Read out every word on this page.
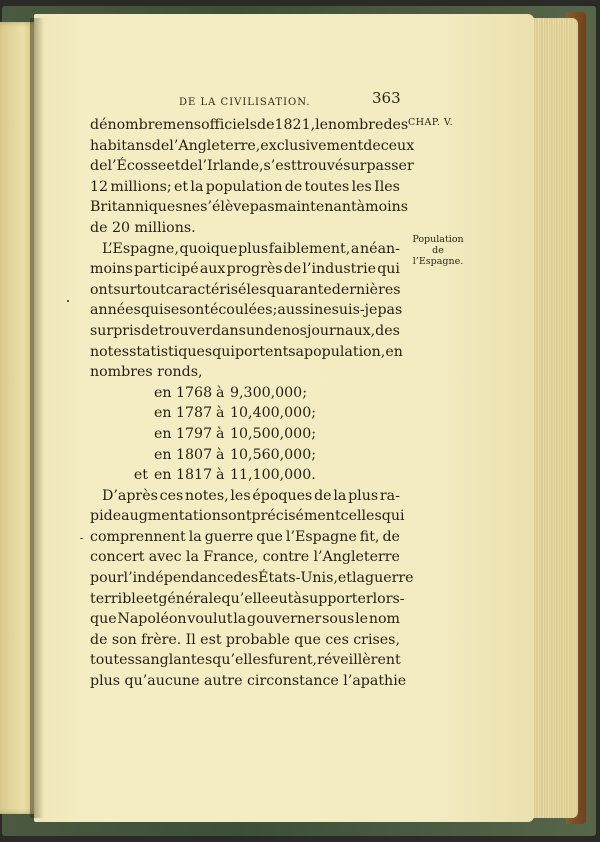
DE LA CIVILISATION.	363
CHAP. V.
Population
de l’Espagne.
dénombremens officiels de 1821, le nombre des
habitans de l’Angleterre, exclusivement de ceux
de l’Écosse et de l’Irlande, s’est trouvé surpasser
12 millions; et la population de toutes les Iles
Britanniques ne s’élève pas maintenant à moins
de 20 millions.
L’Espagne, quoique plus faiblement, a néan-
moins participé aux progrès de l’industrie qui
ont surtout caractérisé les quarante dernières
années qui se sont écoulées; aussi ne suis-je pas
surpris de trouver dans un de nos journaux, des
notes statistiques qui portent sa population, en
nombres ronds,
en 1768 à 9,300,000;
en 1787 à 10,400,000;
en 1797 à 10,500,000;
en 1807 à 10,560,000;
et en 1817 à 11,100,000.
D’après ces notes, les époques de la plus ra-
pide augmentation sont précisément celles qui
comprennent la guerre que l’Espagne fit, de
concert avec la France, contre l’Angleterre
pour l’indépendance des États-Unis, et la guerre
terrible et générale qu’elle eut à supporter lors-
que Napoléon voulut la gouverner sous le nom
de son frère. Il est probable que ces crises,
toutes sanglantes qu’elles furent, réveillèrent
plus qu’aucune autre circonstance l’apathie
